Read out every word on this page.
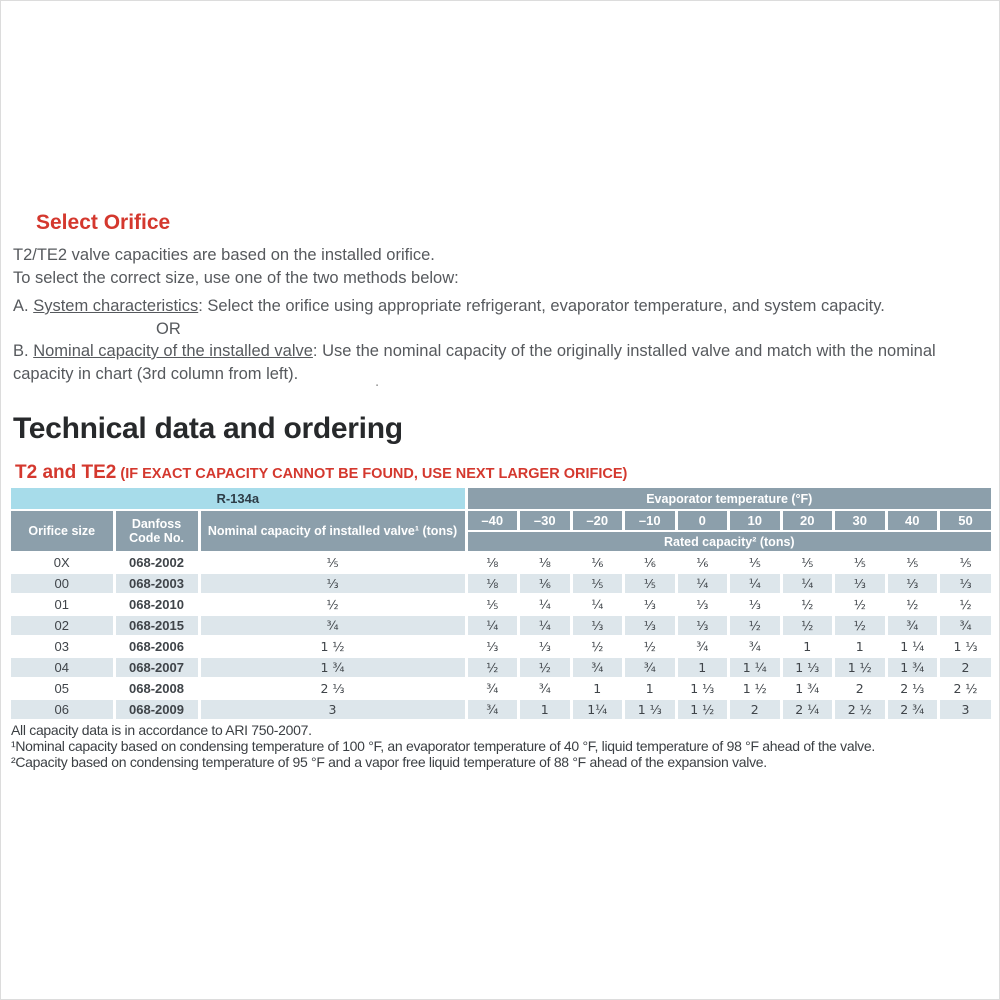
Select Orifice
T2/TE2 valve capacities are based on the installed orifice.
To select the correct size, use one of the two methods below:
A. System characteristics: Select the orifice using appropriate refrigerant, evaporator temperature, and system capacity.
OR
B. Nominal capacity of the installed valve: Use the nominal capacity of the originally installed valve and match with the nominal
capacity in chart (3rd column from left).	.
Technical data and ordering
T2 and TE2 (IF EXACT CAPACITY CANNOT BE FOUND, USE NEXT LARGER ORIFICE)
R-134a			Evaporator temperature (°F)									
Orifice size	Danfoss Code No.	Nominal capacity of installed valve¹ (tons)	–40	–30	–20	–10	0	10	20	30	40	50
			Rated capacity² (tons)									
0X	068-2002	⅕	⅛	⅛	⅙	⅙	⅙	⅕	⅕	⅕	⅕	⅕
00	068-2003	⅓	⅛	⅙	⅕	⅕	¼	¼	¼	⅓	⅓	⅓
01	068-2010	½	⅕	¼	¼	⅓	⅓	⅓	½	½	½	½
02	068-2015	¾	¼	¼	⅓	⅓	⅓	½	½	½	¾	¾
03	068-2006	1 ½	⅓	⅓	½	½	¾	¾	1	1	1 ¼	1 ⅓
04	068-2007	1 ¾	½	½	¾	¾	1	1 ¼	1 ⅓	1 ½	1 ¾	2
05	068-2008	2 ⅓	¾	¾	1	1	1 ⅓	1 ½	1 ¾	2	2 ⅓	2 ½
06	068-2009	3	¾	1	1¼	1 ⅓	1 ½	2	2 ¼	2 ½	2 ¾	3
All capacity data is in accordance to ARI 750-2007.
¹Nominal capacity based on condensing temperature of 100 °F, an evaporator temperature of 40 °F, liquid temperature of 98 °F ahead of the valve.
²Capacity based on condensing temperature of 95 °F and a vapor free liquid temperature of 88 °F ahead of the expansion valve.
